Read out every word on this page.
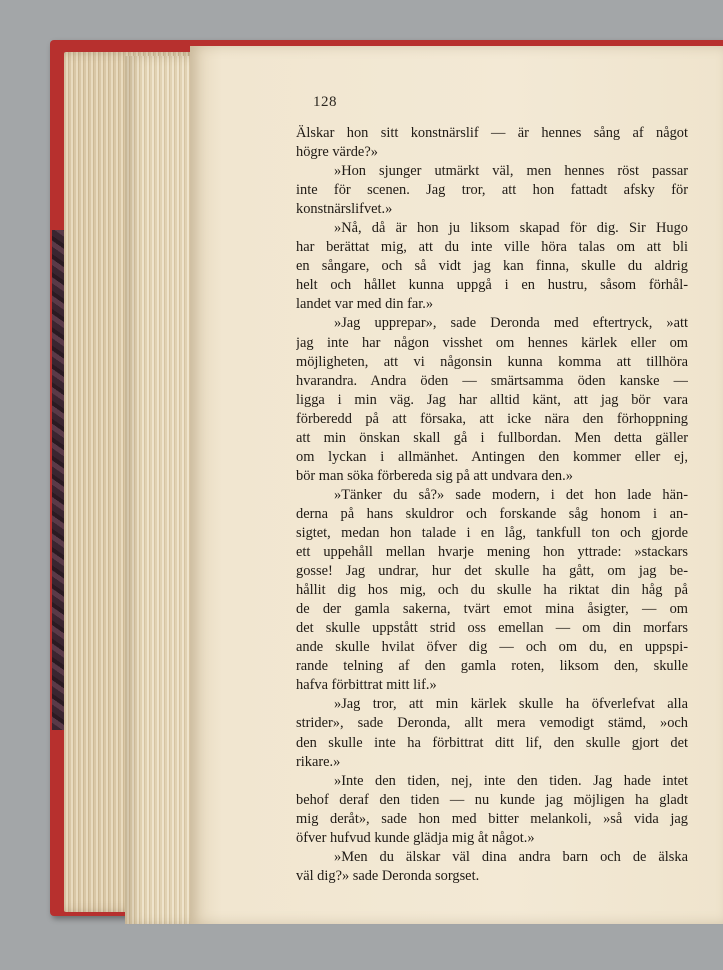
128
Älskar hon sitt konstnärslif — är hennes sång af något
högre värde?»
»Hon sjunger utmärkt väl, men hennes röst passar
inte för scenen. Jag tror, att hon fattadt afsky för
konstnärslifvet.»
»Nå, då är hon ju liksom skapad för dig. Sir Hugo
har berättat mig, att du inte ville höra talas om att bli
en sångare, och så vidt jag kan finna, skulle du aldrig
helt och hållet kunna uppgå i en hustru, såsom förhål-
landet var med din far.»
»Jag upprepar», sade Deronda med eftertryck, »att
jag inte har någon visshet om hennes kärlek eller om
möjligheten, att vi någonsin kunna komma att tillhöra
hvarandra. Andra öden — smärtsamma öden kanske —
ligga i min väg. Jag har alltid känt, att jag bör vara
förberedd på att försaka, att icke nära den förhoppning
att min önskan skall gå i fullbordan. Men detta gäller
om lyckan i allmänhet. Antingen den kommer eller ej,
bör man söka förbereda sig på att undvara den.»
»Tänker du så?» sade modern, i det hon lade hän-
derna på hans skuldror och forskande såg honom i an-
sigtet, medan hon talade i en låg, tankfull ton och gjorde
ett uppehåll mellan hvarje mening hon yttrade: »stackars
gosse! Jag undrar, hur det skulle ha gått, om jag be-
hållit dig hos mig, och du skulle ha riktat din håg på
de der gamla sakerna, tvärt emot mina åsigter, — om
det skulle uppstått strid oss emellan — om din morfars
ande skulle hvilat öfver dig — och om du, en uppspi-
rande telning af den gamla roten, liksom den, skulle
hafva förbittrat mitt lif.»
»Jag tror, att min kärlek skulle ha öfverlefvat alla
strider», sade Deronda, allt mera vemodigt stämd, »och
den skulle inte ha förbittrat ditt lif, den skulle gjort det
rikare.»
»Inte den tiden, nej, inte den tiden. Jag hade intet
behof deraf den tiden — nu kunde jag möjligen ha gladt
mig deråt», sade hon med bitter melankoli, »så vida jag
öfver hufvud kunde glädja mig åt något.»
»Men du älskar väl dina andra barn och de älska
väl dig?» sade Deronda sorgset.
